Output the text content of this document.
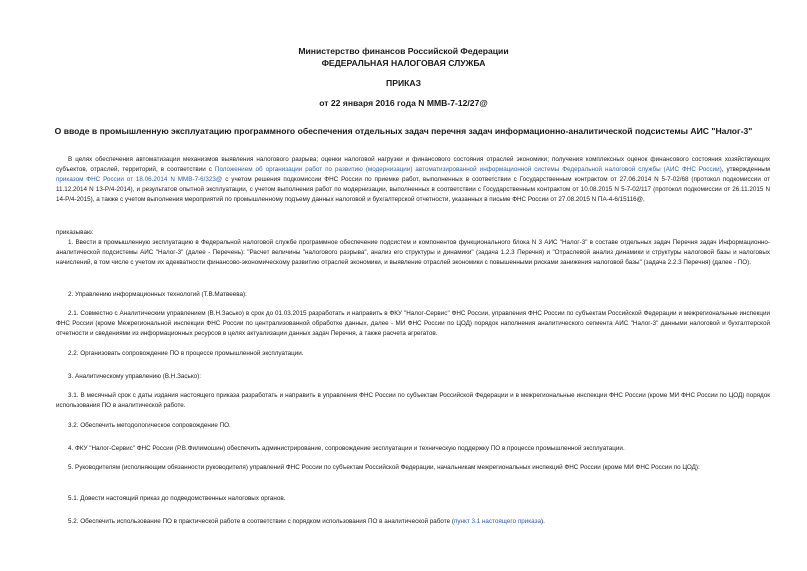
Министерство финансов Российской Федерации
ФЕДЕРАЛЬНАЯ НАЛОГОВАЯ СЛУЖБА
ПРИКАЗ
от 22 января 2016 года N ММВ-7-12/27@
О вводе в промышленную эксплуатацию программного обеспечения отдельных задач перечня задач информационно-аналитической подсистемы АИС "Налог-3"
В целях обеспечения автоматизации механизмов выявления налогового разрыва; оценки налоговой нагрузки и финансового состояния отраслей экономики; получения комплексных оценок финансового состояния хозяйствующих субъектов, отраслей, территорий, в соответствии с Положением об организации работ по развитию (модернизации) автоматизированной информационной системы Федеральной налоговой службы (АИС ФНС России), утвержденным приказом ФНС России от 18.06.2014 N ММВ-7-6/323@ с учетом решения подкомиссии ФНС России по приемке работ, выполненных в соответствии с Государственным контрактом от 27.06.2014 N 5-7-02/68 (протокол подкомиссии от 11.12.2014 N 13-Р/4-2014), и результатов опытной эксплуатации, с учетом выполнения работ по модернизации, выполненных в соответствии с Государственным контрактом от 10.08.2015 N 5-7-02/117 (протокол подкомиссии от 26.11.2015 N 14-Р/4-2015), а также с учетом выполнения мероприятий по промышленному подъему данных налоговой и бухгалтерской отчетности, указанных в письме ФНС России от 27.08.2015 N ПА-4-6/15116@,
приказываю:
1. Ввести в промышленную эксплуатацию в Федеральной налоговой службе программное обеспечение подсистем и компонентов функционального блока N 3 АИС "Налог-3" в составе отдельных задач Перечня задач Информационно-аналитической подсистемы АИС "Налог-3" (далее - Перечень): "Расчет величины "налогового разрыва", анализ его структуры и динамики" (задача 1.2.3 Перечня) и "Отраслевой анализ динамики и структуры налоговой базы и налоговых начислений, в том числе с учетом их адекватности финансово-экономическому развитию отраслей экономики, и выявление отраслей экономики с повышенными рисками занижения налоговой базы" (задача 2.2.3 Перечня) (далее - ПО).
2. Управлению информационных технологий (Т.В.Матвеева):
2.1. Совместно с Аналитическим управлением (В.Н.Засько) в срок до 01.03.2015 разработать и направить в ФКУ "Налог-Сервис" ФНС России, управления ФНС России по субъектам Российской Федерации и межрегиональные инспекции ФНС России (кроме Межрегиональной инспекции ФНС России по централизованной обработке данных, далее - МИ ФНС России по ЦОД) порядок наполнения аналитического сегмента АИС "Налог-3" данными налоговой и бухгалтерской отчетности и сведениями из информационных ресурсов в целях актуализации данных задач Перечня, а также расчета агрегатов.
2.2. Организовать сопровождение ПО в процессе промышленной эксплуатации.
3. Аналитическому управлению (В.Н.Засько):
3.1. В месячный срок с даты издания настоящего приказа разработать и направить в управления ФНС России по субъектам Российской Федерации и в межрегиональные инспекции ФНС России (кроме МИ ФНС России по ЦОД) порядок использования ПО в аналитической работе.
3.2. Обеспечить методологическое сопровождение ПО.
4. ФКУ "Налог-Сервис" ФНС России (Р.В.Филимошин) обеспечить администрирование, сопровождение эксплуатации и техническую поддержку ПО в процессе промышленной эксплуатации.
5. Руководителям (исполняющим обязанности руководителя) управлений ФНС России по субъектам Российской Федерации, начальникам межрегиональных инспекций ФНС России (кроме МИ ФНС России по ЦОД):
5.1. Довести настоящий приказ до подведомственных налоговых органов.
5.2. Обеспечить использование ПО в практической работе в соответствии с порядком использования ПО в аналитической работе (пункт 3.1 настоящего приказа).
